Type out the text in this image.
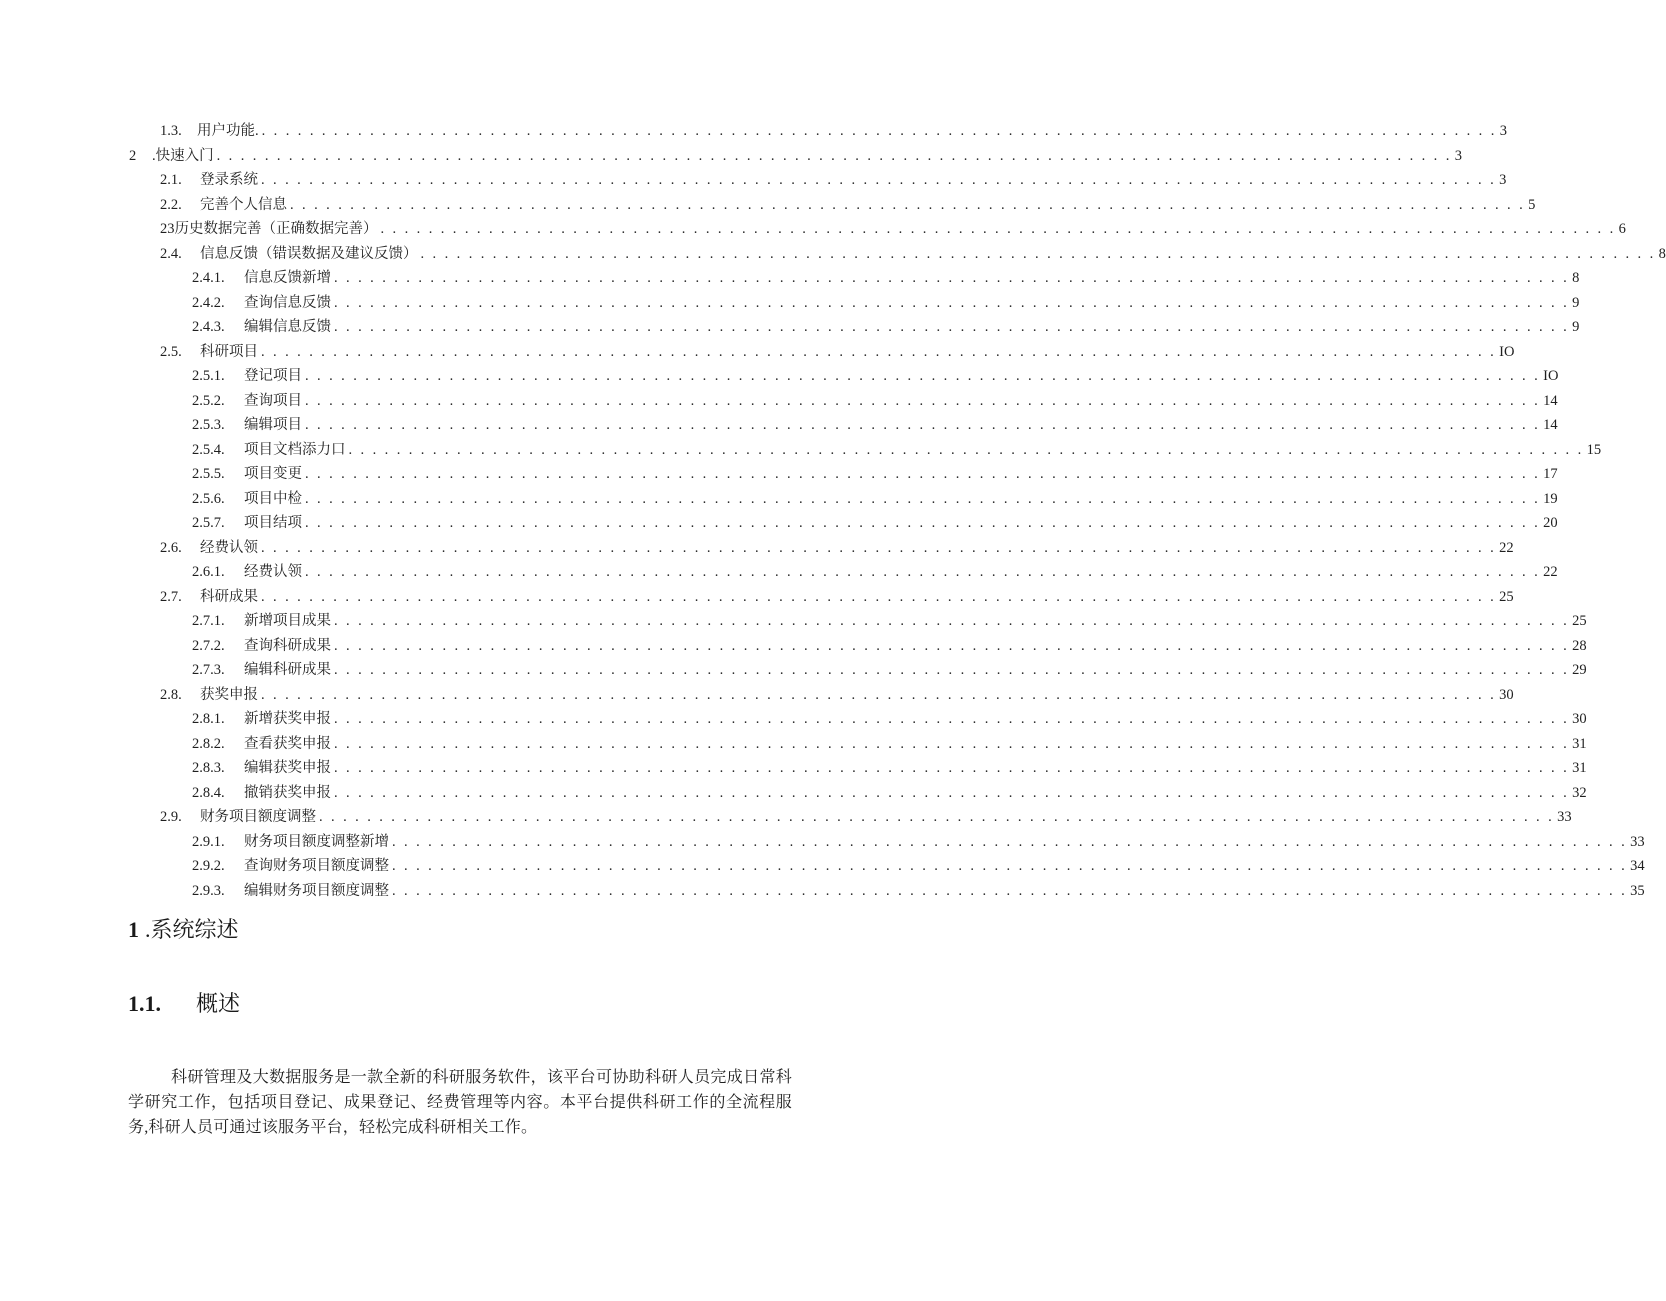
1.3.	用户功能. . . . . . . . . . . . . . . . . . . . . . . . . . . . . . . . . . . . . . . . . . . . . . . . . . . . . . . . . . . . . . . . . . . . . . . . . . . . . . . . . . . . . . . . . . . . . . . . . . . . . . . . 3
2	.快速入门 . . . . . . . . . . . . . . . . . . . . . . . . . . . . . . . . . . . . . . . . . . . . . . . . . . . . . . . . . . . . . . . . . . . . . . . . . . . . . . . . . . . . . . . . . . . . . . . . . . . . . . . 3
2.1.	登录系统 . . . . . . . . . . . . . . . . . . . . . . . . . . . . . . . . . . . . . . . . . . . . . . . . . . . . . . . . . . . . . . . . . . . . . . . . . . . . . . . . . . . . . . . . . . . . . . . . . . . . . . . 3
2.2.	完善个人信息 . . . . . . . . . . . . . . . . . . . . . . . . . . . . . . . . . . . . . . . . . . . . . . . . . . . . . . . . . . . . . . . . . . . . . . . . . . . . . . . . . . . . . . . . . . . . . . . . . . . . . . . 5
23历史数据完善（正确数据完善） . . . . . . . . . . . . . . . . . . . . . . . . . . . . . . . . . . . . . . . . . . . . . . . . . . . . . . . . . . . . . . . . . . . . . . . . . . . . . . . . . . . . . . . . . . . . . . . . . . . . . . . 6
2.4.	信息反馈（错误数据及建议反馈） . . . . . . . . . . . . . . . . . . . . . . . . . . . . . . . . . . . . . . . . . . . . . . . . . . . . . . . . . . . . . . . . . . . . . . . . . . . . . . . . . . . . . . . . . . . . . . . . . . . . . . . 8
2.4.1.	信息反馈新增 . . . . . . . . . . . . . . . . . . . . . . . . . . . . . . . . . . . . . . . . . . . . . . . . . . . . . . . . . . . . . . . . . . . . . . . . . . . . . . . . . . . . . . . . . . . . . . . . . . . . . . . 8
2.4.2.	查询信息反馈 . . . . . . . . . . . . . . . . . . . . . . . . . . . . . . . . . . . . . . . . . . . . . . . . . . . . . . . . . . . . . . . . . . . . . . . . . . . . . . . . . . . . . . . . . . . . . . . . . . . . . . . 9
2.4.3.	编辑信息反馈 . . . . . . . . . . . . . . . . . . . . . . . . . . . . . . . . . . . . . . . . . . . . . . . . . . . . . . . . . . . . . . . . . . . . . . . . . . . . . . . . . . . . . . . . . . . . . . . . . . . . . . . 9
2.5.	科研项目 . . . . . . . . . . . . . . . . . . . . . . . . . . . . . . . . . . . . . . . . . . . . . . . . . . . . . . . . . . . . . . . . . . . . . . . . . . . . . . . . . . . . . . . . . . . . . . . . . . . . . . . IO
2.5.1.	登记项目 . . . . . . . . . . . . . . . . . . . . . . . . . . . . . . . . . . . . . . . . . . . . . . . . . . . . . . . . . . . . . . . . . . . . . . . . . . . . . . . . . . . . . . . . . . . . . . . . . . . . . . . IO
2.5.2.	查询项目 . . . . . . . . . . . . . . . . . . . . . . . . . . . . . . . . . . . . . . . . . . . . . . . . . . . . . . . . . . . . . . . . . . . . . . . . . . . . . . . . . . . . . . . . . . . . . . . . . . . . . . . 14
2.5.3.	编辑项目 . . . . . . . . . . . . . . . . . . . . . . . . . . . . . . . . . . . . . . . . . . . . . . . . . . . . . . . . . . . . . . . . . . . . . . . . . . . . . . . . . . . . . . . . . . . . . . . . . . . . . . . 14
2.5.4.	项目文档添力口 . . . . . . . . . . . . . . . . . . . . . . . . . . . . . . . . . . . . . . . . . . . . . . . . . . . . . . . . . . . . . . . . . . . . . . . . . . . . . . . . . . . . . . . . . . . . . . . . . . . . . . . 15
2.5.5.	项目变更 . . . . . . . . . . . . . . . . . . . . . . . . . . . . . . . . . . . . . . . . . . . . . . . . . . . . . . . . . . . . . . . . . . . . . . . . . . . . . . . . . . . . . . . . . . . . . . . . . . . . . . . 17
2.5.6.	项目中检 . . . . . . . . . . . . . . . . . . . . . . . . . . . . . . . . . . . . . . . . . . . . . . . . . . . . . . . . . . . . . . . . . . . . . . . . . . . . . . . . . . . . . . . . . . . . . . . . . . . . . . . 19
2.5.7.	项目结项 . . . . . . . . . . . . . . . . . . . . . . . . . . . . . . . . . . . . . . . . . . . . . . . . . . . . . . . . . . . . . . . . . . . . . . . . . . . . . . . . . . . . . . . . . . . . . . . . . . . . . . . 20
2.6.	经费认领 . . . . . . . . . . . . . . . . . . . . . . . . . . . . . . . . . . . . . . . . . . . . . . . . . . . . . . . . . . . . . . . . . . . . . . . . . . . . . . . . . . . . . . . . . . . . . . . . . . . . . . . 22
2.6.1.	经费认领 . . . . . . . . . . . . . . . . . . . . . . . . . . . . . . . . . . . . . . . . . . . . . . . . . . . . . . . . . . . . . . . . . . . . . . . . . . . . . . . . . . . . . . . . . . . . . . . . . . . . . . . 22
2.7.	科研成果 . . . . . . . . . . . . . . . . . . . . . . . . . . . . . . . . . . . . . . . . . . . . . . . . . . . . . . . . . . . . . . . . . . . . . . . . . . . . . . . . . . . . . . . . . . . . . . . . . . . . . . . 25
2.7.1.	新增项目成果 . . . . . . . . . . . . . . . . . . . . . . . . . . . . . . . . . . . . . . . . . . . . . . . . . . . . . . . . . . . . . . . . . . . . . . . . . . . . . . . . . . . . . . . . . . . . . . . . . . . . . . . 25
2.7.2.	查询科研成果 . . . . . . . . . . . . . . . . . . . . . . . . . . . . . . . . . . . . . . . . . . . . . . . . . . . . . . . . . . . . . . . . . . . . . . . . . . . . . . . . . . . . . . . . . . . . . . . . . . . . . . . 28
2.7.3.	编辑科研成果 . . . . . . . . . . . . . . . . . . . . . . . . . . . . . . . . . . . . . . . . . . . . . . . . . . . . . . . . . . . . . . . . . . . . . . . . . . . . . . . . . . . . . . . . . . . . . . . . . . . . . . . 29
2.8.	获奖申报 . . . . . . . . . . . . . . . . . . . . . . . . . . . . . . . . . . . . . . . . . . . . . . . . . . . . . . . . . . . . . . . . . . . . . . . . . . . . . . . . . . . . . . . . . . . . . . . . . . . . . . . 30
2.8.1.	新增获奖申报 . . . . . . . . . . . . . . . . . . . . . . . . . . . . . . . . . . . . . . . . . . . . . . . . . . . . . . . . . . . . . . . . . . . . . . . . . . . . . . . . . . . . . . . . . . . . . . . . . . . . . . . 30
2.8.2.	查看获奖申报 . . . . . . . . . . . . . . . . . . . . . . . . . . . . . . . . . . . . . . . . . . . . . . . . . . . . . . . . . . . . . . . . . . . . . . . . . . . . . . . . . . . . . . . . . . . . . . . . . . . . . . . 31
2.8.3.	编辑获奖申报 . . . . . . . . . . . . . . . . . . . . . . . . . . . . . . . . . . . . . . . . . . . . . . . . . . . . . . . . . . . . . . . . . . . . . . . . . . . . . . . . . . . . . . . . . . . . . . . . . . . . . . . 31
2.8.4.	撤销获奖申报 . . . . . . . . . . . . . . . . . . . . . . . . . . . . . . . . . . . . . . . . . . . . . . . . . . . . . . . . . . . . . . . . . . . . . . . . . . . . . . . . . . . . . . . . . . . . . . . . . . . . . . . 32
2.9.	财务项目额度调整 . . . . . . . . . . . . . . . . . . . . . . . . . . . . . . . . . . . . . . . . . . . . . . . . . . . . . . . . . . . . . . . . . . . . . . . . . . . . . . . . . . . . . . . . . . . . . . . . . . . . . . . 33
2.9.1.	财务项目额度调整新增 . . . . . . . . . . . . . . . . . . . . . . . . . . . . . . . . . . . . . . . . . . . . . . . . . . . . . . . . . . . . . . . . . . . . . . . . . . . . . . . . . . . . . . . . . . . . . . . . . . . . . . . 33
2.9.2.	查询财务项目额度调整 . . . . . . . . . . . . . . . . . . . . . . . . . . . . . . . . . . . . . . . . . . . . . . . . . . . . . . . . . . . . . . . . . . . . . . . . . . . . . . . . . . . . . . . . . . . . . . . . . . . . . . . 34
2.9.3.	编辑财务项目额度调整 . . . . . . . . . . . . . . . . . . . . . . . . . . . . . . . . . . . . . . . . . . . . . . . . . . . . . . . . . . . . . . . . . . . . . . . . . . . . . . . . . . . . . . . . . . . . . . . . . . . . . . . 35
1 .系统综述
1.1.	概述

科研管理及大数据服务是一款全新的科研服务软件，该平台可协助科研人员完成日常科学研究工作，包括项目登记、成果登记、经费管理等内容。本平台提供科研工作的全流程服务,科研人员可通过该服务平台，轻松完成科研相关工作。
